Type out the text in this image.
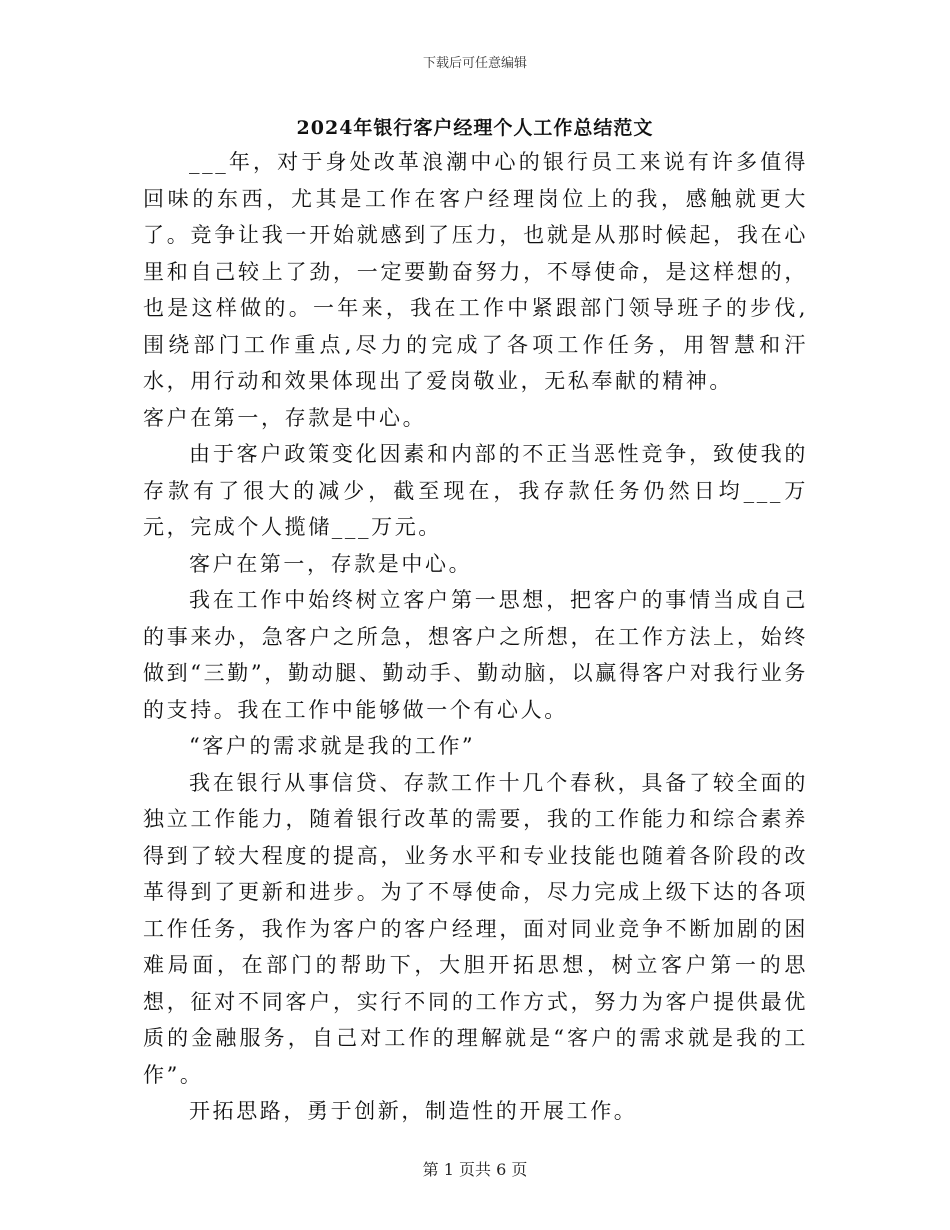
下载后可任意编辑
2024年银行客户经理个人工作总结范文

___年，对于身处改革浪潮中心的银行员工来说有许多值得回味的东西，尤其是工作在客户经理岗位上的我，感触就更大了。竞争让我一开始就感到了压力，也就是从那时候起，我在心里和自己较上了劲，一定要勤奋努力，不辱使命，是这样想的，也是这样做的。一年来，我在工作中紧跟部门领导班子的步伐,围绕部门工作重点,尽力的完成了各项工作任务，用智慧和汗水，用行动和效果体现出了爱岗敬业，无私奉献的精神。

客户在第一，存款是中心。

由于客户政策变化因素和内部的不正当恶性竞争，致使我的存款有了很大的减少，截至现在，我存款任务仍然日均___万元，完成个人揽储___万元。

客户在第一，存款是中心。

我在工作中始终树立客户第一思想，把客户的事情当成自己的事来办，急客户之所急，想客户之所想，在工作方法上，始终做到“三勤”，勤动腿、勤动手、勤动脑，以赢得客户对我行业务的支持。我在工作中能够做一个有心人。

“客户的需求就是我的工作”

我在银行从事信贷、存款工作十几个春秋，具备了较全面的独立工作能力，随着银行改革的需要，我的工作能力和综合素养得到了较大程度的提高，业务水平和专业技能也随着各阶段的改革得到了更新和进步。为了不辱使命，尽力完成上级下达的各项工作任务，我作为客户的客户经理，面对同业竞争不断加剧的困难局面，在部门的帮助下，大胆开拓思想，树立客户第一的思想，征对不同客户，实行不同的工作方式，努力为客户提供最优质的金融服务，自己对工作的理解就是“客户的需求就是我的工作”。

开拓思路，勇于创新，制造性的开展工作。

第 1 页共 6 页
